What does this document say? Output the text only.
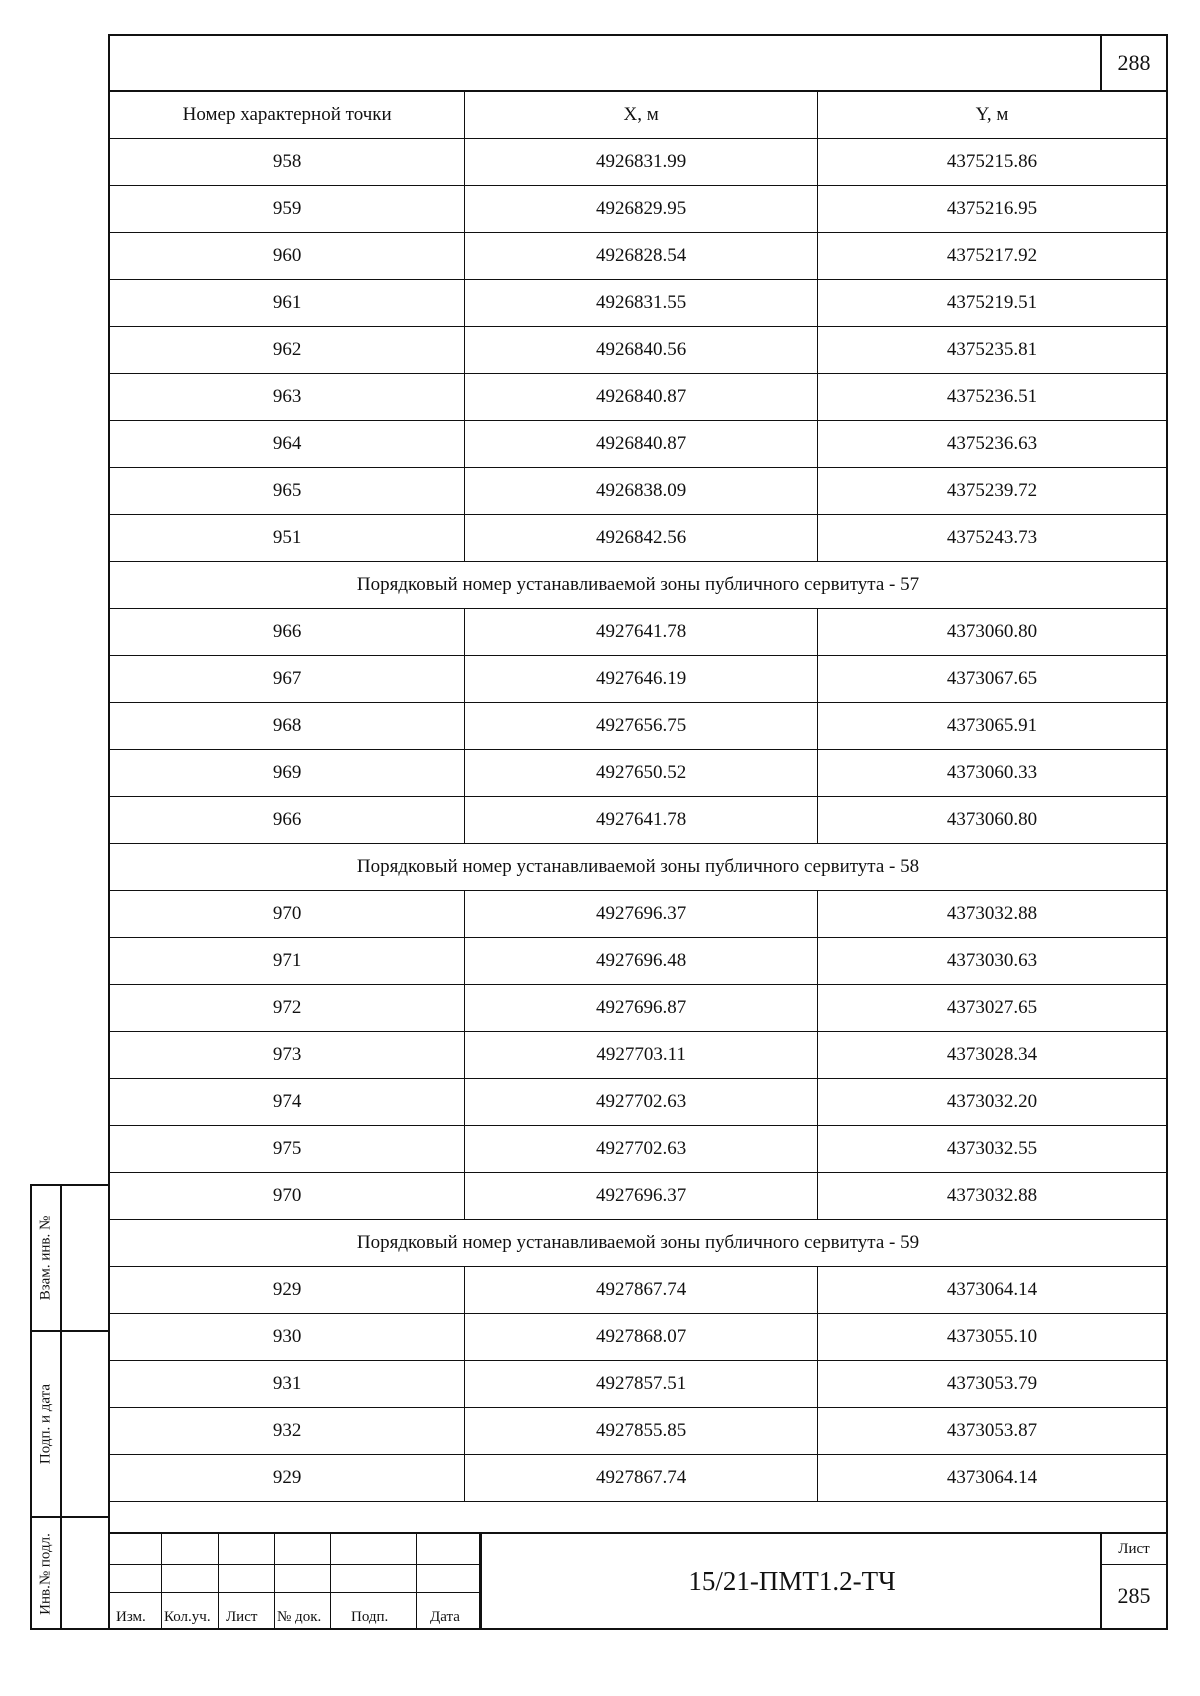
288
Номер характерной точки	X, м	Y, м
958	4926831.99	4375215.86
959	4926829.95	4375216.95
960	4926828.54	4375217.92
961	4926831.55	4375219.51
962	4926840.56	4375235.81
963	4926840.87	4375236.51
964	4926840.87	4375236.63
965	4926838.09	4375239.72
951	4926842.56	4375243.73
Порядковый номер устанавливаемой зоны публичного сервитута - 57		
966	4927641.78	4373060.80
967	4927646.19	4373067.65
968	4927656.75	4373065.91
969	4927650.52	4373060.33
966	4927641.78	4373060.80
Порядковый номер устанавливаемой зоны публичного сервитута - 58		
970	4927696.37	4373032.88
971	4927696.48	4373030.63
972	4927696.87	4373027.65
973	4927703.11	4373028.34
974	4927702.63	4373032.20
975	4927702.63	4373032.55
970	4927696.37	4373032.88
Порядковый номер устанавливаемой зоны публичного сервитута - 59		
929	4927867.74	4373064.14
930	4927868.07	4373055.10
931	4927857.51	4373053.79
932	4927855.85	4373053.87
929	4927867.74	4373064.14
Изм. Кол.уч. Лист № док. Подп.	Дата
15/21-ПМТ1.2-ТЧ
Лист
285
Взам. инв. №
Подп. и дата
Инв.№ подл.
